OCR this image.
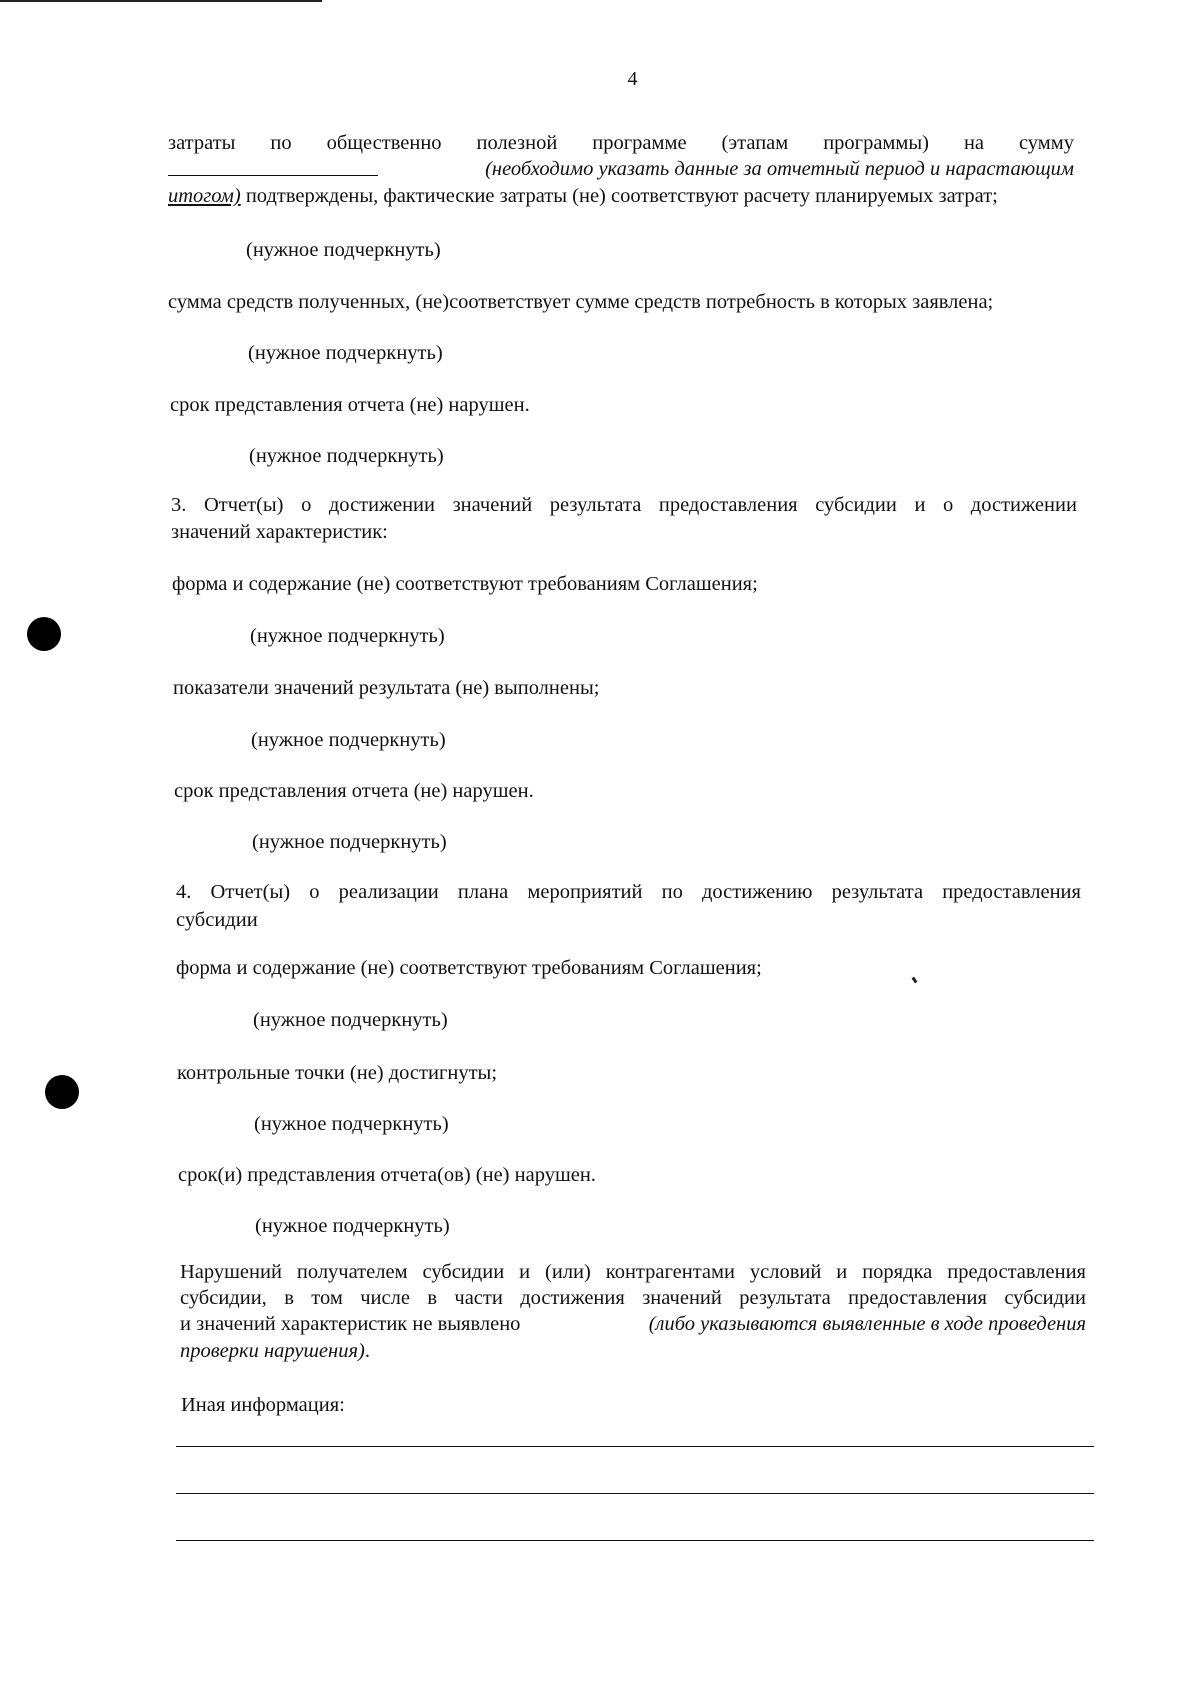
4
затраты по общественно полезной программе (этапам программы) на сумму
(необходимо указать данные за отчетный период и нарастающим
итогом) подтверждены, фактические затраты (не) соответствуют расчету планируемых затрат;
(нужное подчеркнуть)
сумма средств полученных, (не)соответствует сумме средств потребность в которых заявлена;
(нужное подчеркнуть)
срок представления отчета (не) нарушен.
(нужное подчеркнуть)
3. Отчет(ы) о достижении значений результата предоставления субсидии и о достижении
значений характеристик:
форма и содержание (не) соответствуют требованиям Соглашения;
(нужное подчеркнуть)
показатели значений результата (не) выполнены;
(нужное подчеркнуть)
срок представления отчета (не) нарушен.
(нужное подчеркнуть)
4. Отчет(ы) о реализации плана мероприятий по достижению результата предоставления
субсидии
форма и содержание (не) соответствуют требованиям Соглашения;
(нужное подчеркнуть)
контрольные точки (не) достигнуты;
(нужное подчеркнуть)
срок(и) представления отчета(ов) (не) нарушен.
(нужное подчеркнуть)
Нарушений получателем субсидии и (или) контрагентами условий и порядка предоставления
субсидии, в том числе в части достижения значений результата предоставления субсидии
и значений характеристик не выявлено	(либо указываются выявленные в ходе проведения
проверки нарушения).
Иная информация:
